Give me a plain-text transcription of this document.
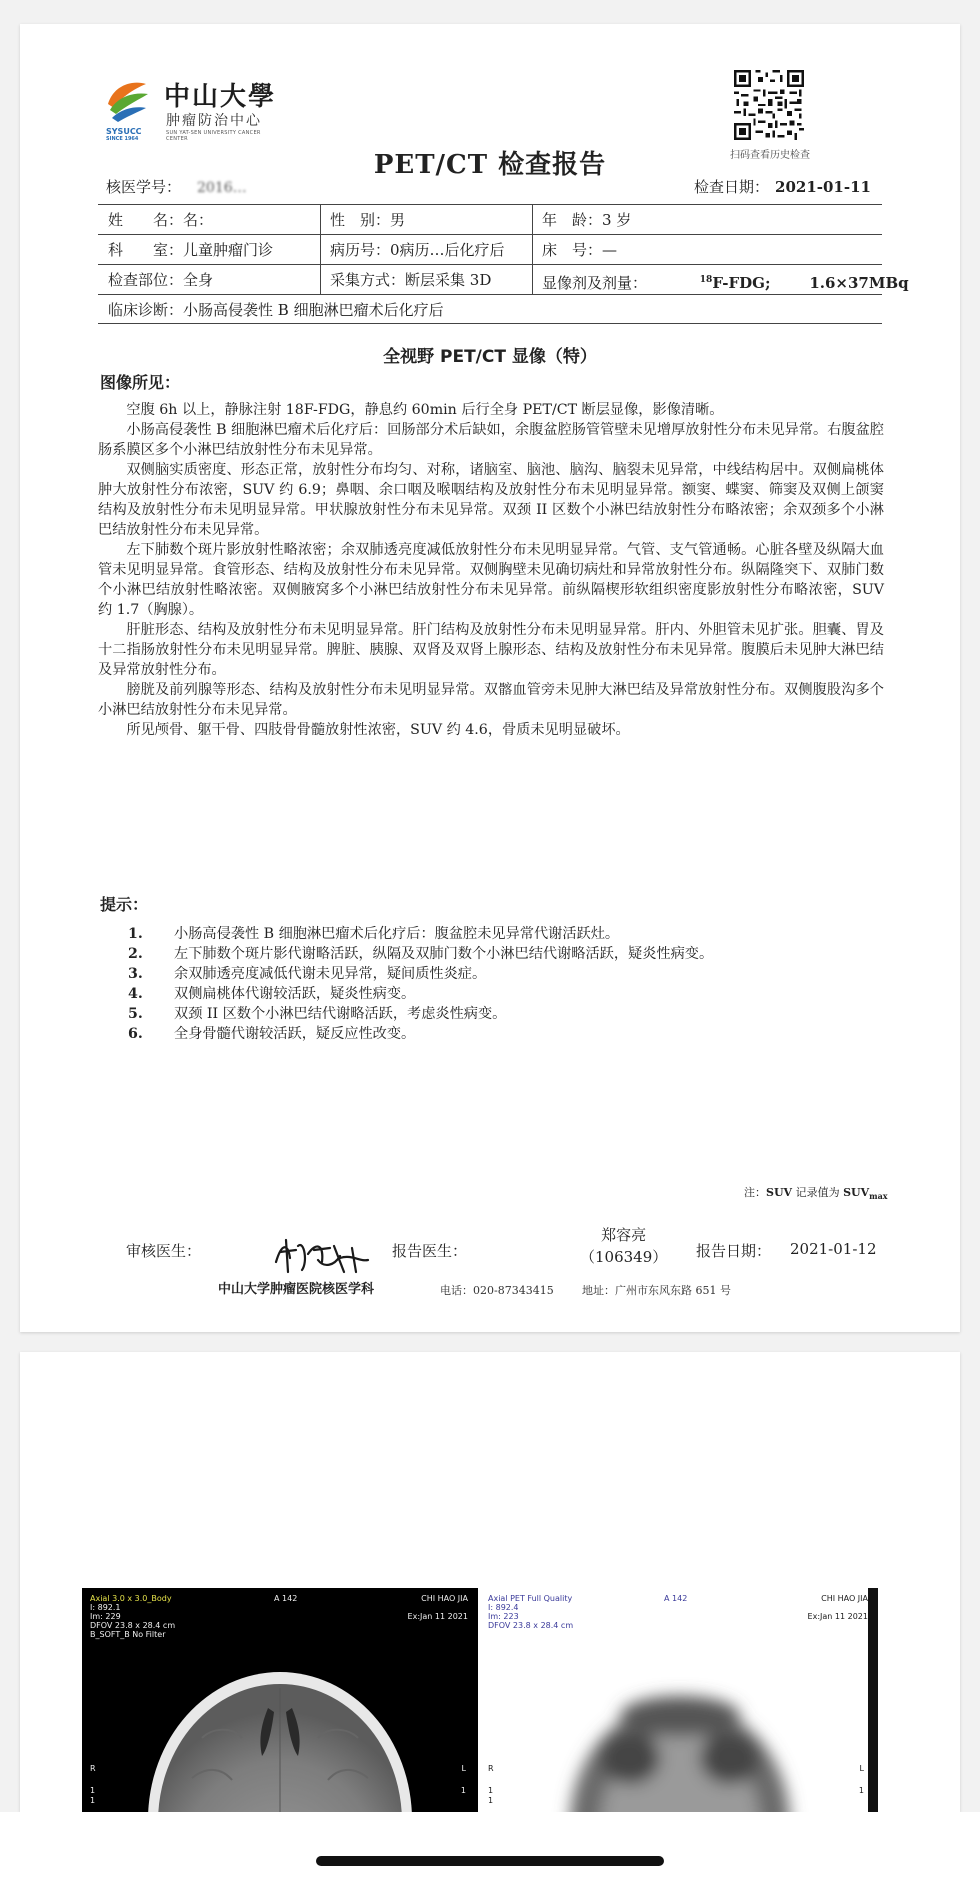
SYSUCC
SINCE 1964
中山大學
肿瘤防治中心
SUN YAT-SEN UNIVERSITY CANCER CENTER
扫码查看历史检查
PET/CT 检查报告
核医学号： 2016…	检查日期： 2021-01-11
姓　　名：名：	性　别：男	年　龄：3 岁
科　　室：儿童肿瘤门诊	病历号：0病历…后化疗后	床　号：—
检查部位：全身	采集方式：断层采集 3D	显像剂及剂量：	$^{18}$F-FDG;	1.6×37MBq
临床诊断：小肠高侵袭性 B 细胞淋巴瘤术后化疗后
全视野 PET/CT 显像（特）
图像所见：

空腹 6h 以上，静脉注射 18F-FDG，静息约 60min 后行全身 PET/CT 断层显像，影像清晰。

小肠高侵袭性 B 细胞淋巴瘤术后化疗后：回肠部分术后缺如，余腹盆腔肠管管壁未见增厚放射性分布未见异常。右腹盆腔肠系膜区多个小淋巴结放射性分布未见异常。

双侧脑实质密度、形态正常，放射性分布均匀、对称，诸脑室、脑池、脑沟、脑裂未见异常，中线结构居中。双侧扁桃体肿大放射性分布浓密，SUV 约 6.9；鼻咽、余口咽及喉咽结构及放射性分布未见明显异常。额窦、蝶窦、筛窦及双侧上颌窦结构及放射性分布未见明显异常。甲状腺放射性分布未见异常。双颈 II 区数个小淋巴结放射性分布略浓密；余双颈多个小淋巴结放射性分布未见异常。

左下肺数个斑片影放射性略浓密；余双肺透亮度减低放射性分布未见明显异常。气管、支气管通畅。心脏各壁及纵隔大血管未见明显异常。食管形态、结构及放射性分布未见异常。双侧胸壁未见确切病灶和异常放射性分布。纵隔隆突下、双肺门数个小淋巴结放射性略浓密。双侧腋窝多个小淋巴结放射性分布未见异常。前纵隔楔形软组织密度影放射性分布略浓密，SUV 约 1.7（胸腺）。

肝脏形态、结构及放射性分布未见明显异常。肝门结构及放射性分布未见明显异常。肝内、外胆管未见扩张。胆囊、胃及十二指肠放射性分布未见明显异常。脾脏、胰腺、双肾及双肾上腺形态、结构及放射性分布未见异常。腹膜后未见肿大淋巴结及异常放射性分布。

膀胱及前列腺等形态、结构及放射性分布未见明显异常。双髂血管旁未见肿大淋巴结及异常放射性分布。双侧腹股沟多个小淋巴结放射性分布未见异常。

所见颅骨、躯干骨、四肢骨骨髓放射性浓密，SUV 约 4.6，骨质未见明显破坏。

提示：
1.	小肠高侵袭性 B 细胞淋巴瘤术后化疗后：腹盆腔未见异常代谢活跃灶。
2.	左下肺数个斑片影代谢略活跃，纵隔及双肺门数个小淋巴结代谢略活跃，疑炎性病变。
3.	余双肺透亮度减低代谢未见异常，疑间质性炎症。
4.	双侧扁桃体代谢较活跃，疑炎性病变。
5.	双颈 II 区数个小淋巴结代谢略活跃，考虑炎性病变。
6.	全身骨髓代谢较活跃，疑反应性改变。
注：SUV 记录值为 $SUV_{max}$
审核医生：	报告医生：
郑容亮
（106349） 报告日期： 2021-01-12
中山大学肿瘤医院核医学科	电话：020-87343415	地址：广州市东风东路 651 号
Axial 3.0 x 3.0_Body
I: 892.1
Im: 229
DFOV 23.8 x 28.4 cm
B_SOFT_B No Filter
A 142	CHI HAO JIA
Ex:Jan 11 2021
R
1
1
L
1
Axial PET Full Quality
I: 892.4
Im: 223
DFOV 23.8 x 28.4 cm
A 142	CHI HAO JIA
Ex:Jan 11 2021
R
1
1
L
1
